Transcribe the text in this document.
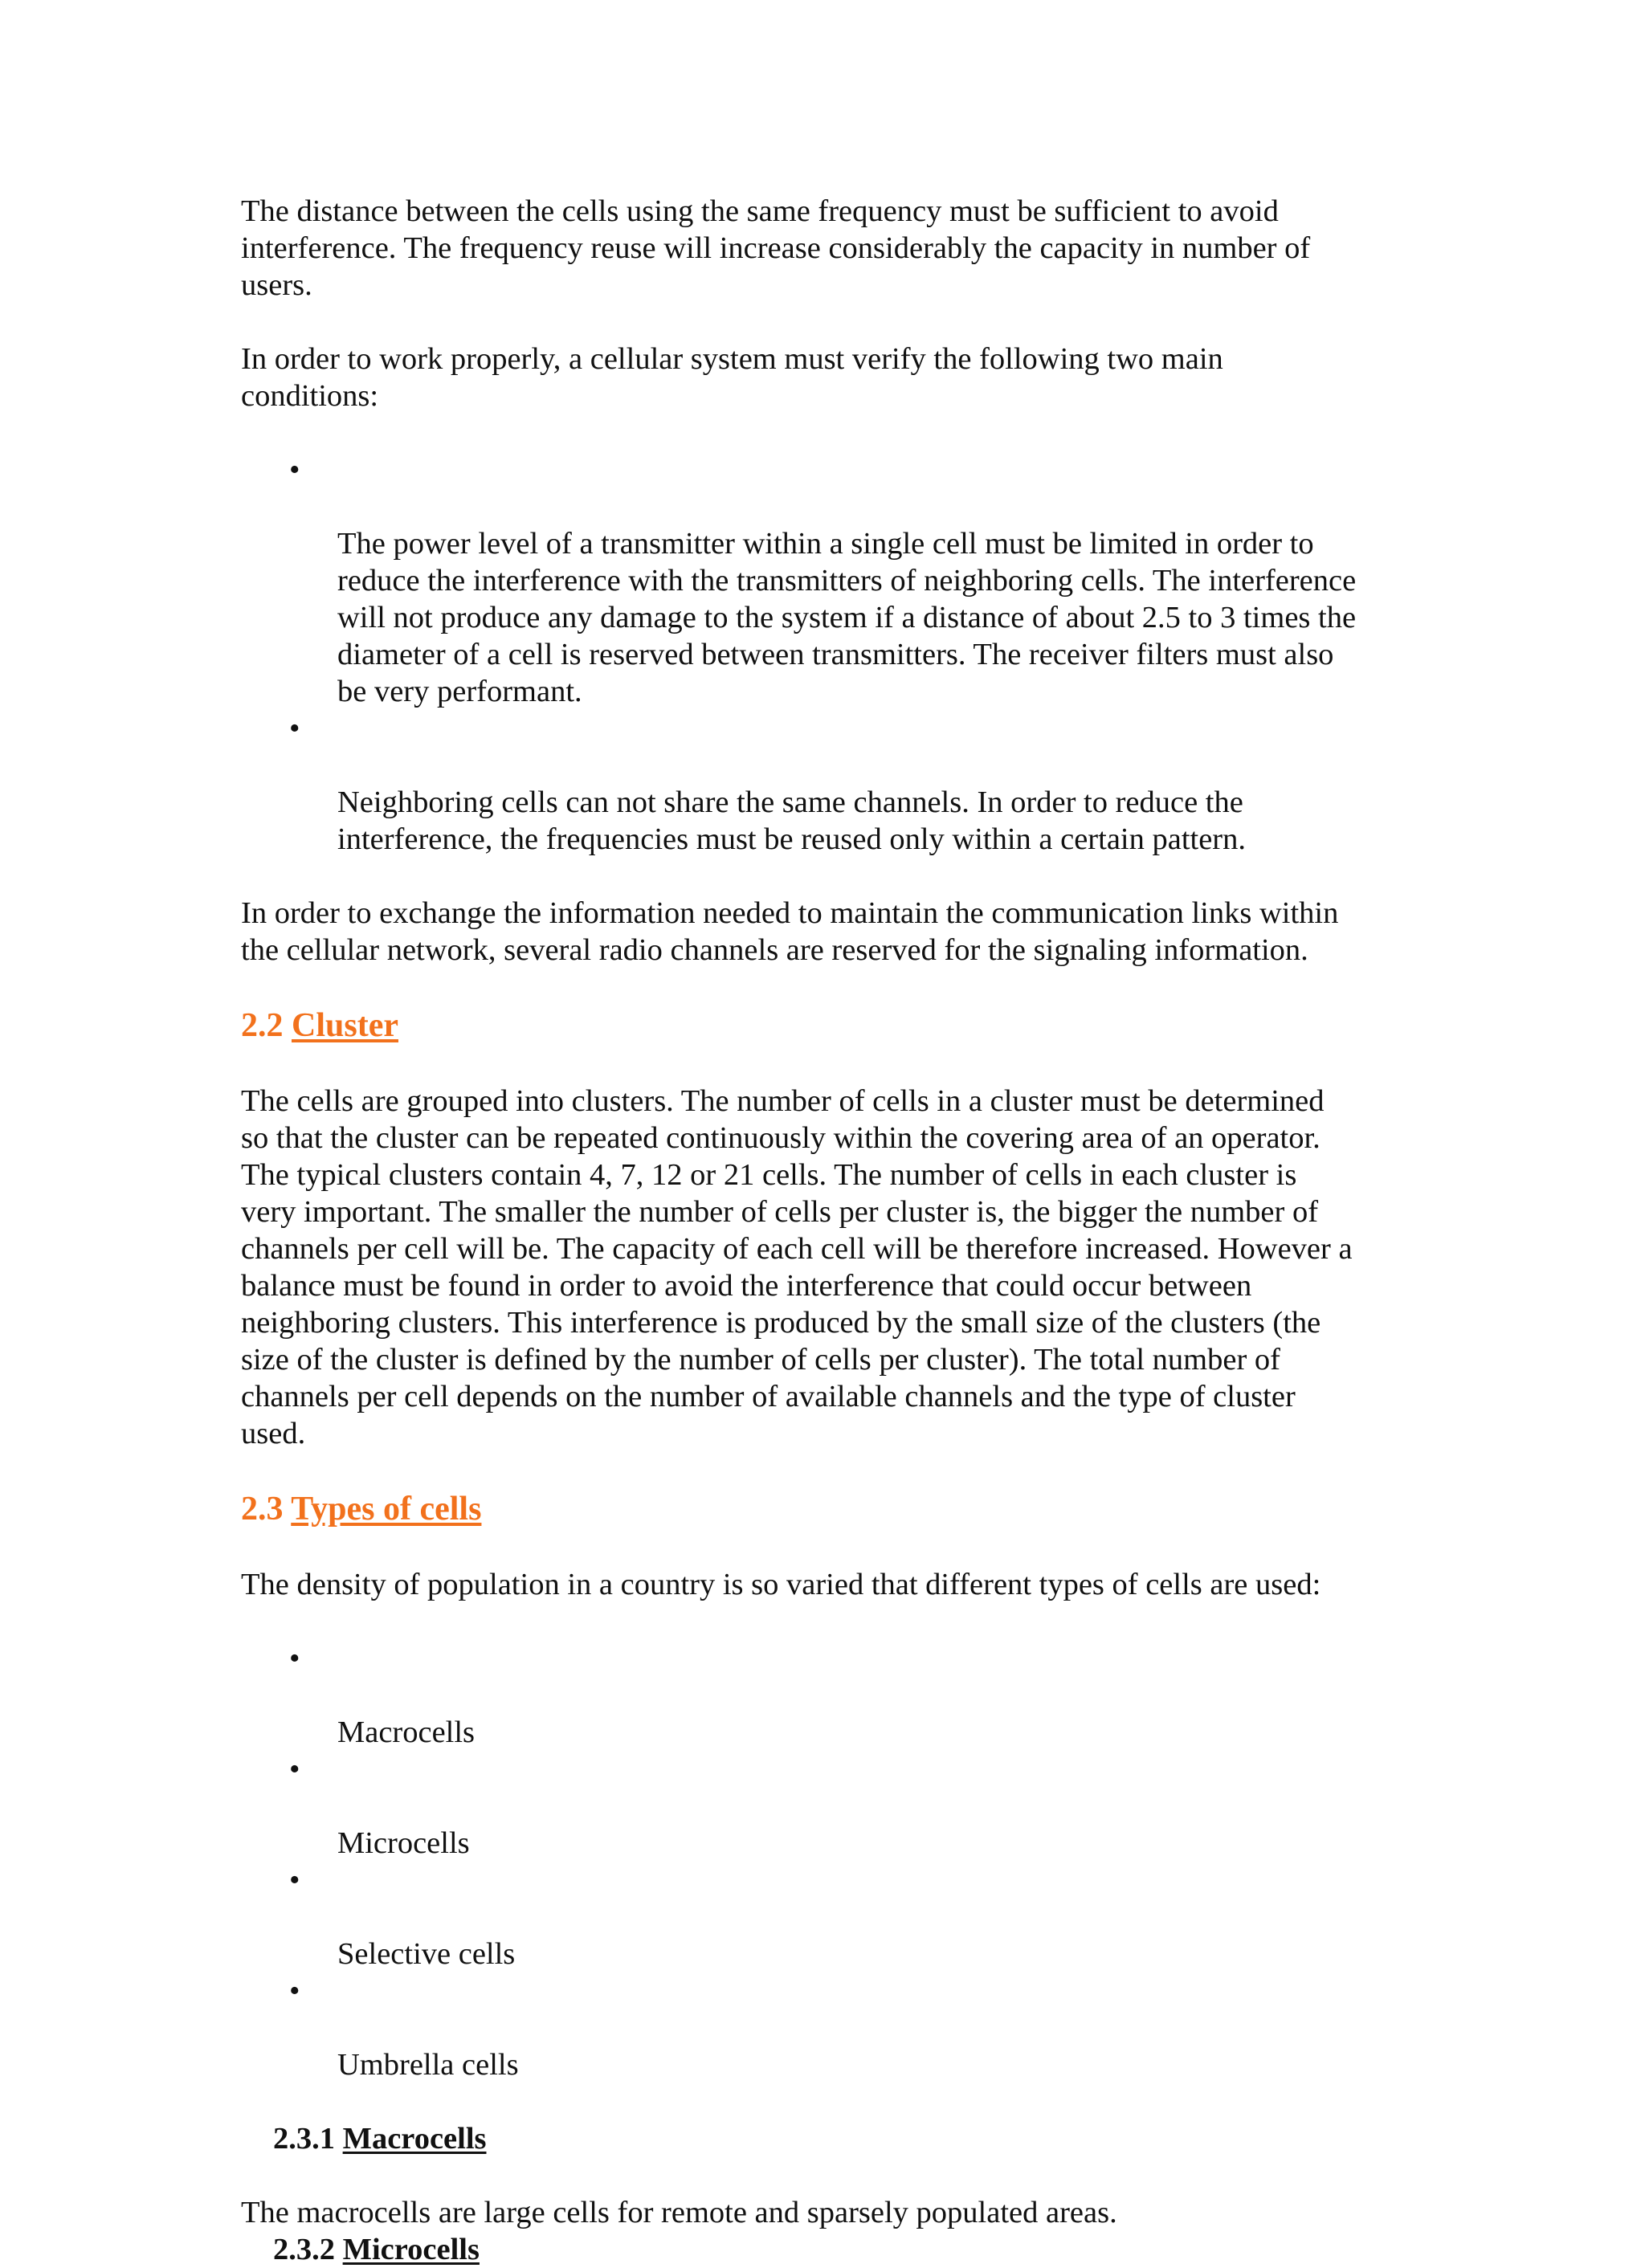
The distance between the cells using the same frequency must be sufficient to avoid
interference. The frequency reuse will increase considerably the capacity in number of
users.

In order to work properly, a cellular system must verify the following two main
conditions:

•

The power level of a transmitter within a single cell must be limited in order to
reduce the interference with the transmitters of neighboring cells. The interference
will not produce any damage to the system if a distance of about 2.5 to 3 times the
diameter of a cell is reserved between transmitters. The receiver filters must also
be very performant.

•

Neighboring cells can not share the same channels. In order to reduce the
interference, the frequencies must be reused only within a certain pattern.

In order to exchange the information needed to maintain the communication links within
the cellular network, several radio channels are reserved for the signaling information.

2.2 Cluster

The cells are grouped into clusters. The number of cells in a cluster must be determined
so that the cluster can be repeated continuously within the covering area of an operator.
The typical clusters contain 4, 7, 12 or 21 cells. The number of cells in each cluster is
very important. The smaller the number of cells per cluster is, the bigger the number of
channels per cell will be. The capacity of each cell will be therefore increased. However a
balance must be found in order to avoid the interference that could occur between
neighboring clusters. This interference is produced by the small size of the clusters (the
size of the cluster is defined by the number of cells per cluster). The total number of
channels per cell depends on the number of available channels and the type of cluster
used.

2.3 Types of cells

The density of population in a country is so varied that different types of cells are used:

•

Macrocells

•

Microcells

•

Selective cells

•

Umbrella cells

2.3.1 Macrocells

The macrocells are large cells for remote and sparsely populated areas.

2.3.2 Microcells
